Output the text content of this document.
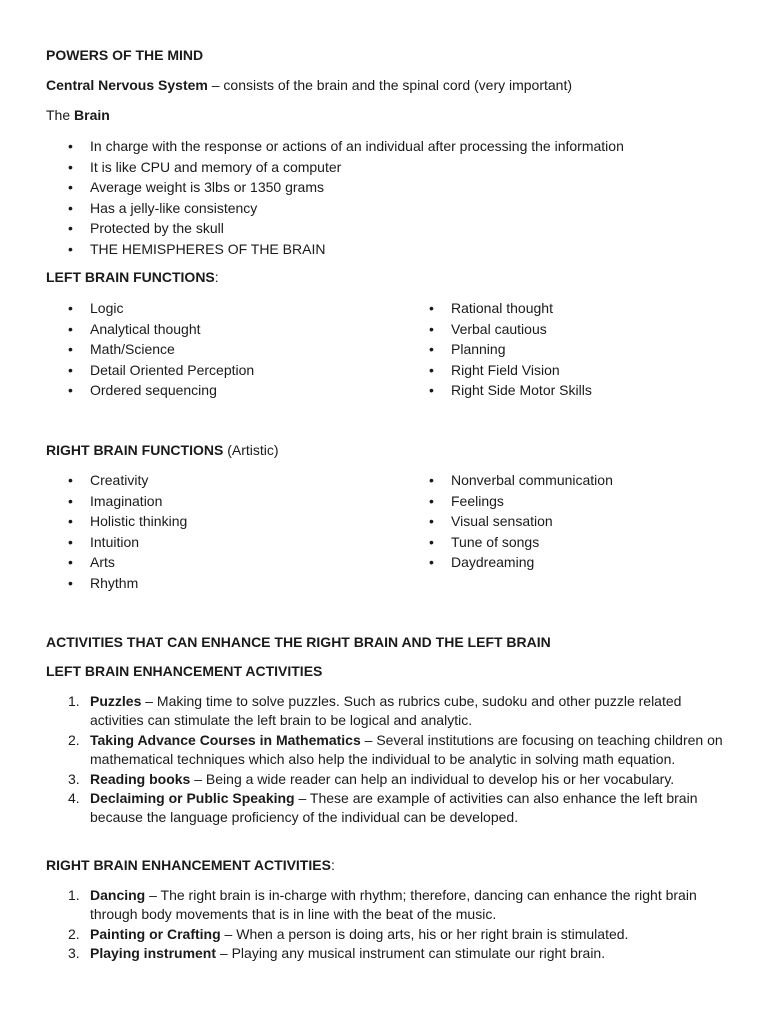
POWERS OF THE MIND
Central Nervous System – consists of the brain and the spinal cord (very important)
The Brain
• In charge with the response or actions of an individual after processing the information
• It is like CPU and memory of a computer
• Average weight is 3lbs or 1350 grams
• Has a jelly-like consistency
• Protected by the skull
• THE HEMISPHERES OF THE BRAIN
LEFT BRAIN FUNCTIONS:
• Logic
• Analytical thought
• Math/Science
• Detail Oriented Perception
• Ordered sequencing
• Rational thought
• Verbal cautious
• Planning
• Right Field Vision
• Right Side Motor Skills
RIGHT BRAIN FUNCTIONS (Artistic)
• Creativity
• Imagination
• Holistic thinking
• Intuition
• Arts
• Rhythm
• Nonverbal communication
• Feelings
• Visual sensation
• Tune of songs
• Daydreaming
ACTIVITIES THAT CAN ENHANCE THE RIGHT BRAIN AND THE LEFT BRAIN
LEFT BRAIN ENHANCEMENT ACTIVITIES
1. Puzzles – Making time to solve puzzles. Such as rubrics cube, sudoku and other puzzle related activities can stimulate the left brain to be logical and analytic.
2. Taking Advance Courses in Mathematics – Several institutions are focusing on teaching children on mathematical techniques which also help the individual to be analytic in solving math equation.
3. Reading books – Being a wide reader can help an individual to develop his or her vocabulary.
4. Declaiming or Public Speaking – These are example of activities can also enhance the left brain because the language proficiency of the individual can be developed.
RIGHT BRAIN ENHANCEMENT ACTIVITIES:
1. Dancing – The right brain is in-charge with rhythm; therefore, dancing can enhance the right brain through body movements that is in line with the beat of the music.
2. Painting or Crafting – When a person is doing arts, his or her right brain is stimulated.
3. Playing instrument – Playing any musical instrument can stimulate our right brain.
